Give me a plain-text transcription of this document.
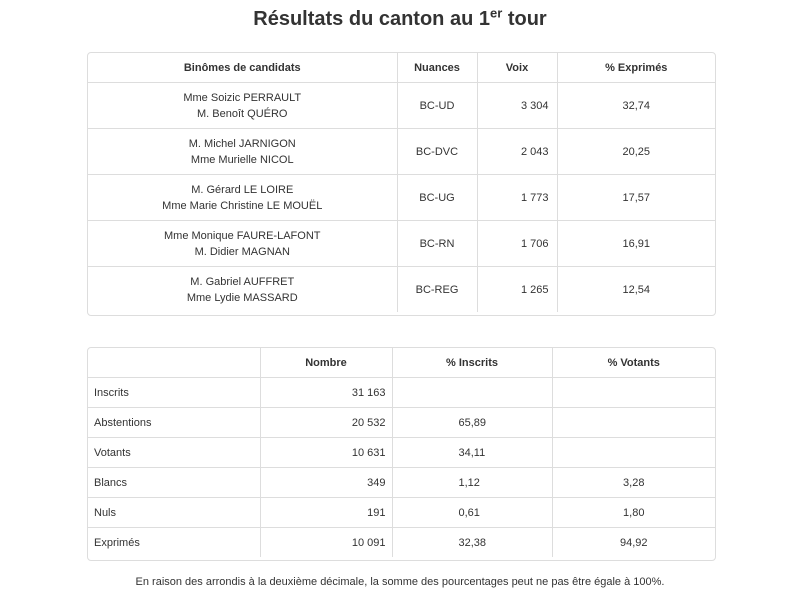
Résultats du canton au 1er tour
Binômes de candidats	Nuances	Voix	% Exprimés

Mme Soizic PERRAULT
M. Benoît QUÉRO	BC-UD	3 304	32,74

M. Michel JARNIGON
Mme Murielle NICOL	BC-DVC	2 043	20,25

M. Gérard LE LOIRE
Mme Marie Christine LE MOUËL	BC-UG	1 773	17,57

Mme Monique FAURE-LAFONT
M. Didier MAGNAN	BC-RN	1 706	16,91

M. Gabriel AUFFRET
Mme Lydie MASSARD	BC-REG	1 265	12,54
	Nombre	% Inscrits	% Votants
Inscrits	31 163		
Abstentions	20 532	65,89	
Votants	10 631	34,11	
Blancs	349	1,12	3,28
Nuls	191	0,61	1,80
Exprimés	10 091	32,38	94,92
En raison des arrondis à la deuxième décimale, la somme des pourcentages peut ne pas être égale à 100%.
